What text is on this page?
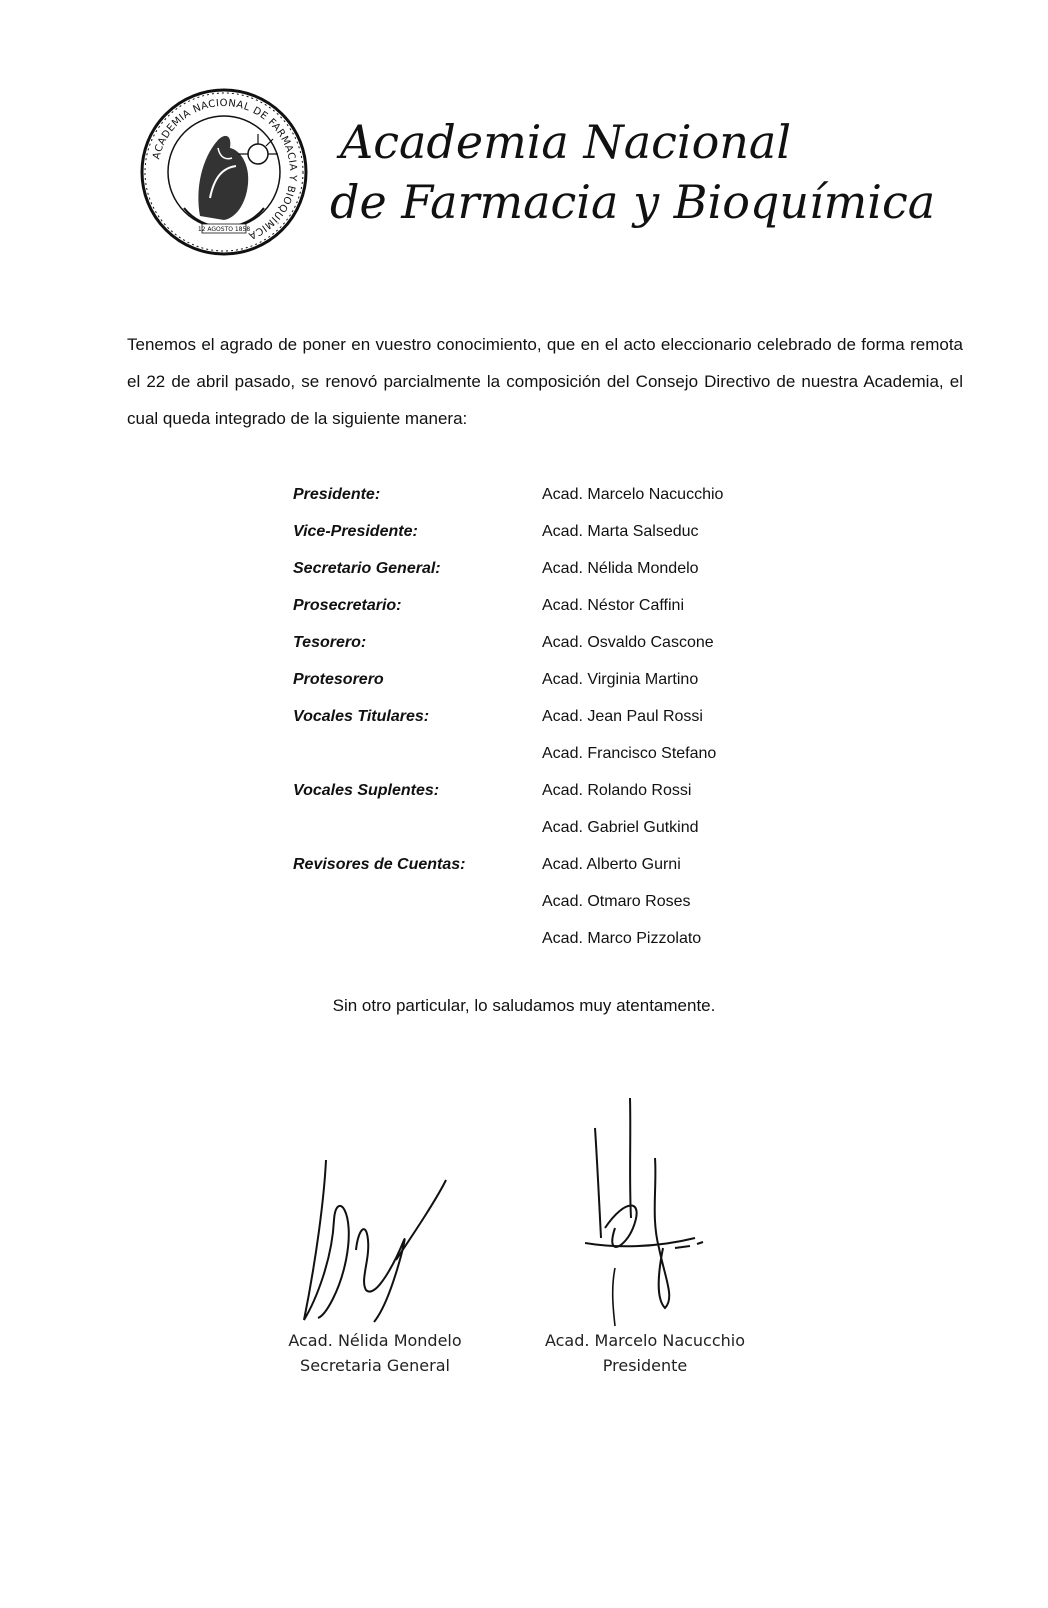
ACADEMIA NACIONAL DE FARMACIA Y BIOQUÍMICA
12 AGOSTO 1858
Academia Nacional
de Farmacia y Bioquímica

Tenemos el agrado de poner en vuestro conocimiento, que en el acto eleccionario celebrado de forma remota el 22 de abril pasado, se renovó parcialmente la composición del Consejo Directivo de nuestra Academia, el cual queda integrado de la siguiente manera:

Presidente:	Acad. Marcelo Nacucchio
Vice-Presidente:	Acad. Marta Salseduc
Secretario General:	Acad. Nélida Mondelo
Prosecretario:	Acad. Néstor Caffini
Tesorero:	Acad. Osvaldo Cascone
Protesorero	Acad. Virginia Martino
Vocales Titulares:	Acad. Jean Paul Rossi
Acad. Francisco Stefano
Vocales Suplentes:	Acad. Rolando Rossi
Acad. Gabriel Gutkind
Revisores de Cuentas:	Acad. Alberto Gurni
Acad. Otmaro Roses
Acad. Marco Pizzolato
Sin otro particular, lo saludamos muy atentamente.
Acad. Nélida Mondelo
Secretaria General
Acad. Marcelo Nacucchio
Presidente
